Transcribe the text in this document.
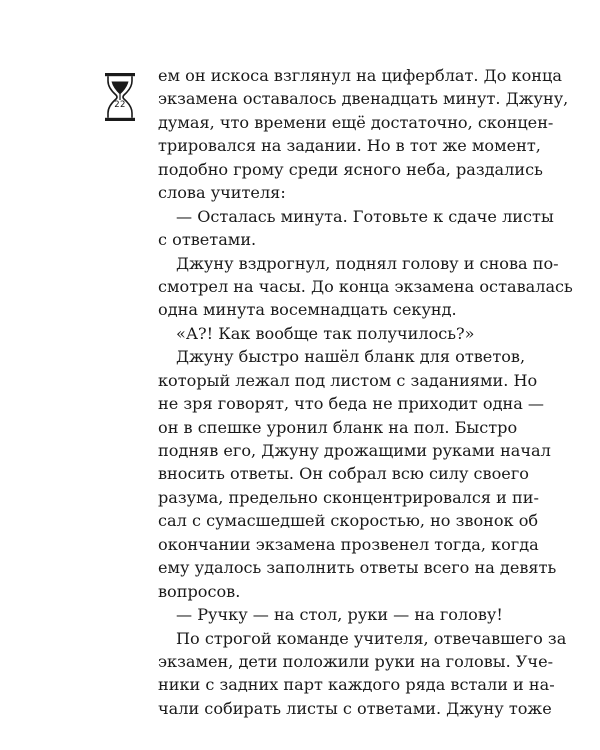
22
ем он искоса взглянул на циферблат. До конца
экзамена оставалось двенадцать минут. Джуну,
думая, что времени ещё достаточно, сконцен-
трировался на задании. Но в тот же момент,
подобно грому среди ясного неба, раздались
слова учителя:
— Осталась минута. Готовьте к сдаче листы
с ответами.
Джуну вздрогнул, поднял голову и снова по-
смотрел на часы. До конца экзамена оставалась
одна минута восемнадцать секунд.
«А?! Как вообще так получилось?»
Джуну быстро нашёл бланк для ответов,
который лежал под листом с заданиями. Но
не зря говорят, что беда не приходит одна —
он в спешке уронил бланк на пол. Быстро
подняв его, Джуну дрожащими руками начал
вносить ответы. Он собрал всю силу своего
разума, предельно сконцентрировался и пи-
сал с сумасшедшей скоростью, но звонок об
окончании экзамена прозвенел тогда, когда
ему удалось заполнить ответы всего на девять
вопросов.
— Ручку — на стол, руки — на голову!
По строгой команде учителя, отвечавшего за
экзамен, дети положили руки на головы. Уче-
ники с задних парт каждого ряда встали и на-
чали собирать листы с ответами. Джуну тоже
